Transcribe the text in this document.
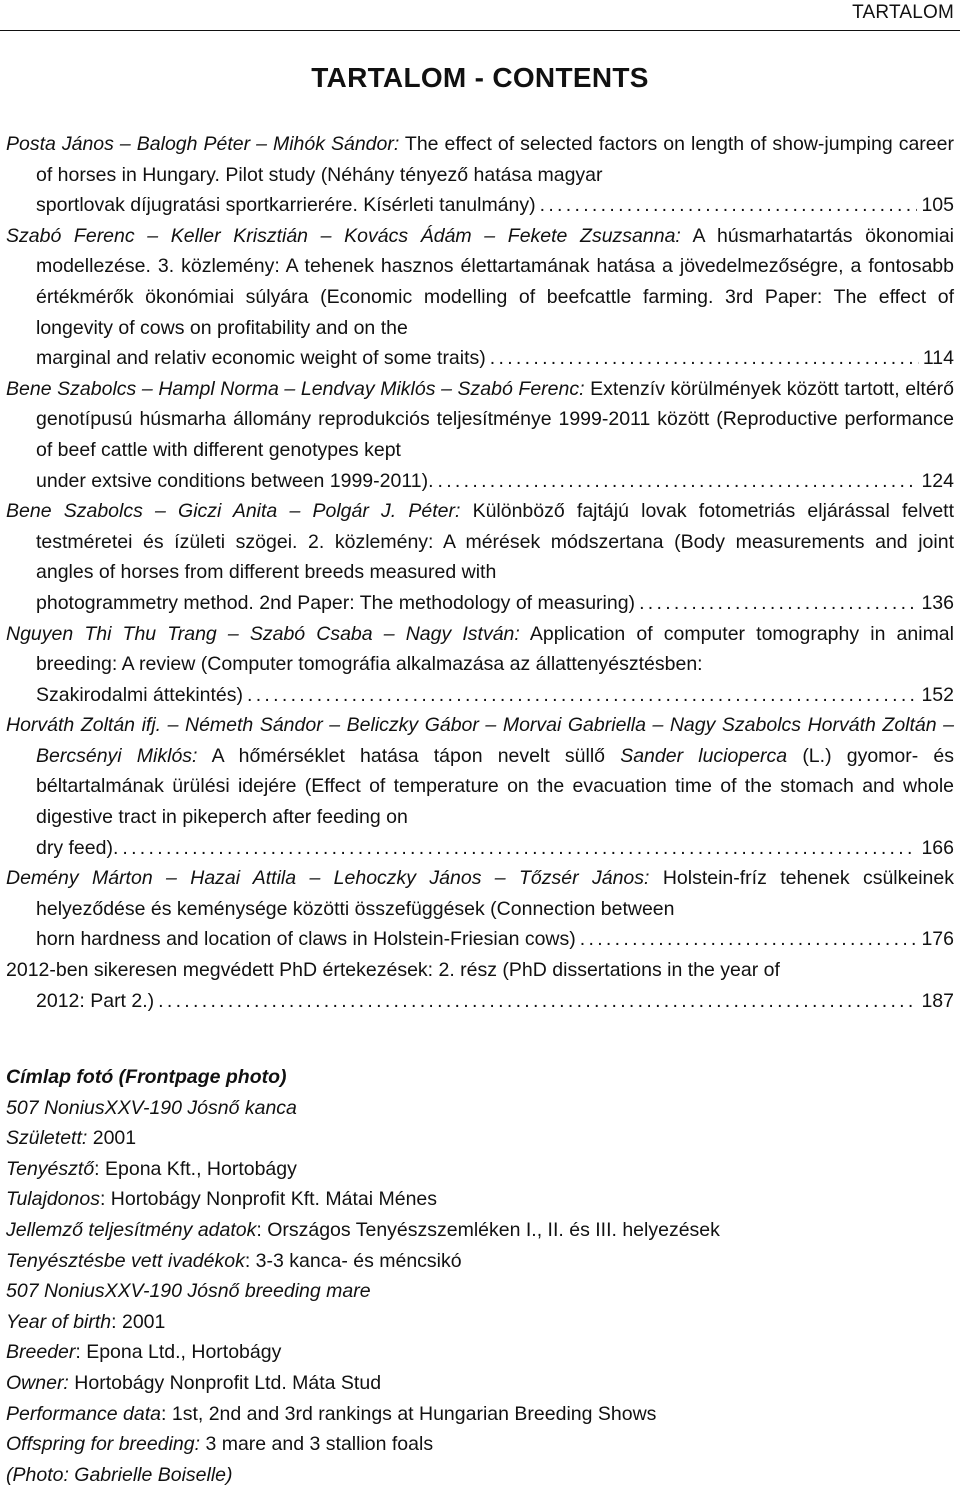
TARTALOM
TARTALOM - CONTENTS
Posta János – Balogh Péter – Mihók Sándor: The effect of selected factors on length of show-jumping career of horses in Hungary. Pilot study (Néhány tényező hatása magyar
sportlovak díjugratási sportkarrierére. Kísérleti tanulmány) .....	105
Szabó Ferenc – Keller Krisztián – Kovács Ádám – Fekete Zsuzsanna: A húsmarhatartás ökonomiai modellezése. 3. közlemény: A tehenek hasznos élettartamának hatása a jövedelmezőségre, a fontosabb értékmérők ökonómiai súlyára (Economic modelling of beefcattle farming. 3rd Paper: The effect of longevity of cows on profitability and on the
marginal and relativ economic weight of some traits) .....	114
Bene Szabolcs – Hampl Norma – Lendvay Miklós – Szabó Ferenc: Extenzív körülmények között tartott, eltérő genotípusú húsmarha állomány reprodukciós teljesítménye 1999-2011 között (Reproductive performance of beef cattle with different genotypes kept
under extsive conditions between 1999-2011). .....	124
Bene Szabolcs – Giczi Anita – Polgár J. Péter: Különböző fajtájú lovak fotometriás eljárással felvett testméretei és ízületi szögei. 2. közlemény: A mérések módszertana (Body measurements and joint angles of horses from different breeds measured with
photogrammetry method. 2nd Paper: The methodology of measuring) .....	136
Nguyen Thi Thu Trang – Szabó Csaba – Nagy István: Application of computer tomography in animal breeding: A review (Computer tomográfia alkalmazása az állattenyésztésben:
Szakirodalmi áttekintés) .....	152
Horváth Zoltán ifj. – Németh Sándor – Beliczky Gábor – Morvai Gabriella – Nagy Szabolcs Horváth Zoltán – Bercsényi Miklós: A hőmérséklet hatása tápon nevelt süllő Sander lucioperca (L.) gyomor- és béltartalmának ürülési idejére (Effect of temperature on the evacuation time of the stomach and whole digestive tract in pikeperch after feeding on
dry feed). .....	166
Demény Márton – Hazai Attila – Lehoczky János – Tőzsér János: Holstein-fríz tehenek csülkeinek helyeződése és keménysége közötti összefüggések (Connection between
horn hardness and location of claws in Holstein-Friesian cows) .....	176
2012-ben sikeresen megvédett PhD értekezések: 2. rész (PhD dissertations in the year of
2012: Part 2.) .....	187
Címlap fotó (Frontpage photo)
507 NoniusXXV-190 Jósnő kanca
Született: 2001
Tenyésztő: Epona Kft., Hortobágy
Tulajdonos: Hortobágy Nonprofit Kft. Mátai Ménes
Jellemző teljesítmény adatok: Országos Tenyészszemléken I., II. és III. helyezések
Tenyésztésbe vett ivadékok: 3-3 kanca- és méncsikó
507 NoniusXXV-190 Jósnő breeding mare
Year of birth: 2001
Breeder: Epona Ltd., Hortobágy
Owner: Hortobágy Nonprofit Ltd. Máta Stud
Performance data: 1st, 2nd and 3rd rankings at Hungarian Breeding Shows
Offspring for breeding: 3 mare and 3 stallion foals
(Photo: Gabrielle Boiselle)
